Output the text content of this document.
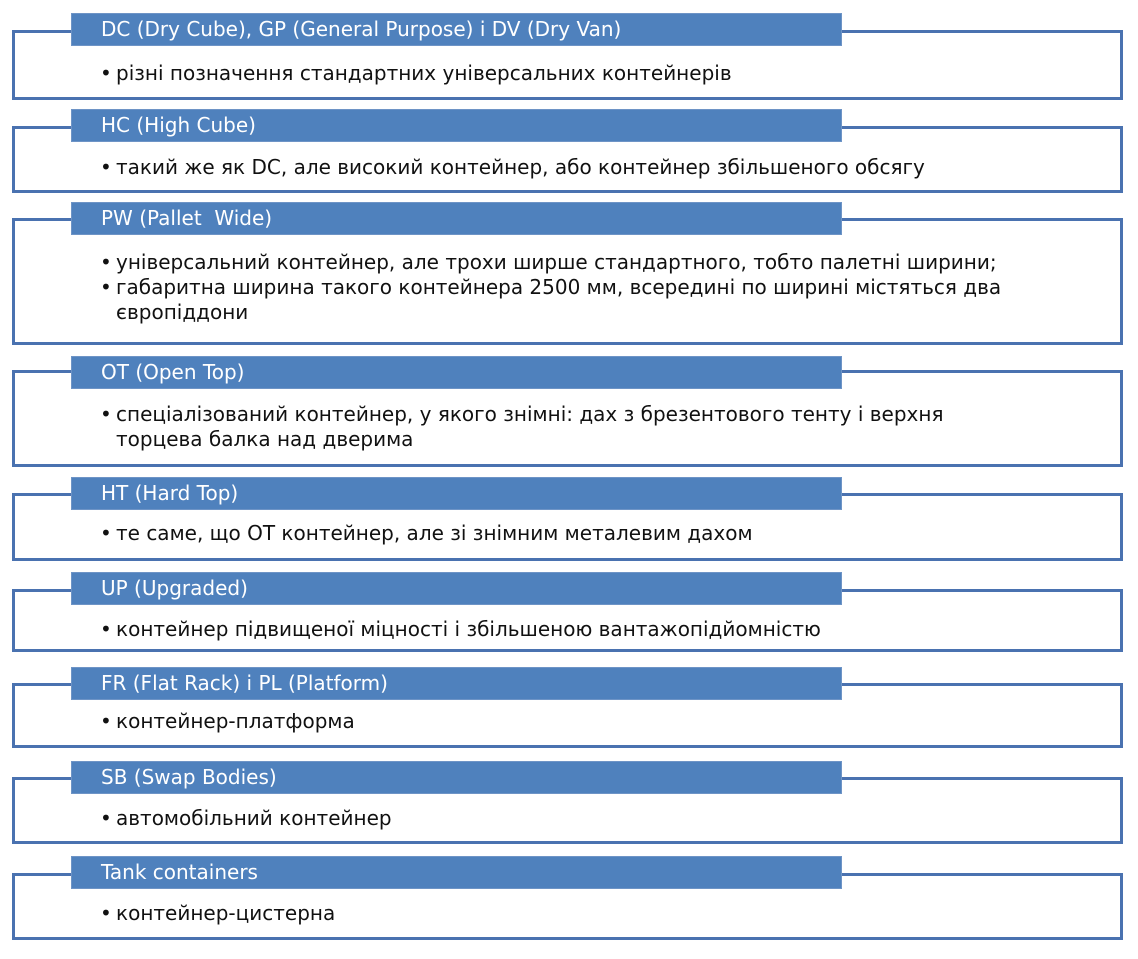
DC (Dry Cube), GP (General Purpose) і DV (Dry Van)
• різні позначення стандартних універсальних контейнерів
HC (High Cube)
• такий же як DC, але високий контейнер, або контейнер збільшеного обсягу
PW (Pallet  Wide)
• універсальний контейнер, але трохи ширше стандартного, тобто палетні ширини;
• габаритна ширина такого контейнера 2500 мм, всередині по ширині містяться два європіддони
OT (Open Top)
• спеціалізований контейнер, у якого знімні: дах з брезентового тенту і верхня торцева балка над дверима
HT (Hard Top)
• те саме, що OT контейнер, але зі знімним металевим дахом
UP (Upgraded)
• контейнер підвищеної міцності і збільшеною вантажопідйомністю
FR (Flat Rack) і PL (Platform)
• контейнер-платформа
SB (Swap Bodies)
• автомобільний контейнер
Tank containers
• контейнер-цистерна
